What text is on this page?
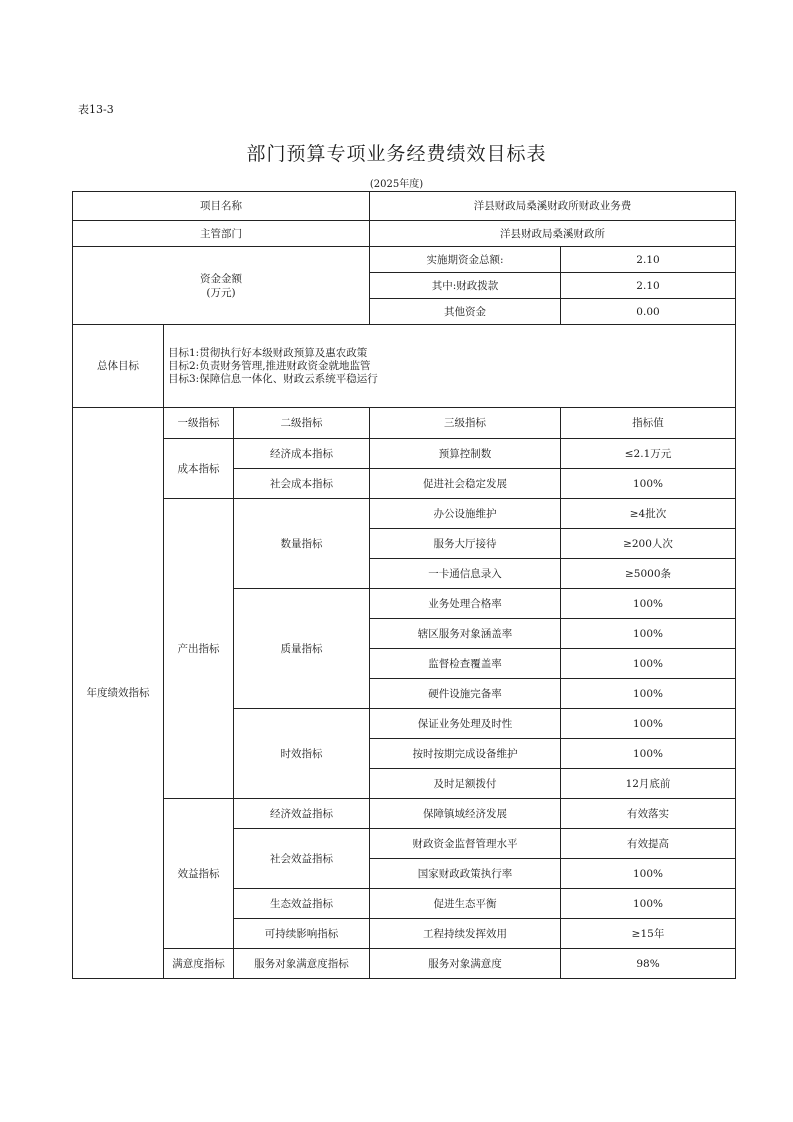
表13-3
部门预算专项业务经费绩效目标表
(2025年度)
项目名称			洋县财政局桑溪财政所财政业务费	
主管部门			洋县财政局桑溪财政所	

资金金额
(万元)			实施期资金总额:	2.10
			其中:财政拨款	2.10
			其他资金	0.00
总体目标	目标1:贯彻执行好本级财政预算及惠农政策
目标2:负责财务管理,推进财政资金就地监管
目标3:保障信息一体化、财政云系统平稳运行			

年度绩效指标	一级指标	二级指标	三级指标	指标值
	成本指标	经济成本指标	预算控制数	≤2.1万元
		社会成本指标	促进社会稳定发展	100%
	产出指标	数量指标	办公设施维护	≥4批次
			服务大厅接待	≥200人次
			一卡通信息录入	≥5000条
		质量指标	业务处理合格率	100%
			辖区服务对象涵盖率	100%
			监督检查覆盖率	100%
			硬件设施完备率	100%
		时效指标	保证业务处理及时性	100%
			按时按期完成设备维护	100%
			及时足额拨付	12月底前
	效益指标	经济效益指标	保障镇域经济发展	有效落实
		社会效益指标	财政资金监督管理水平	有效提高
			国家财政政策执行率	100%
		生态效益指标	促进生态平衡	100%
		可持续影响指标	工程持续发挥效用	≥15年
	满意度指标	服务对象满意度指标	服务对象满意度	98%
